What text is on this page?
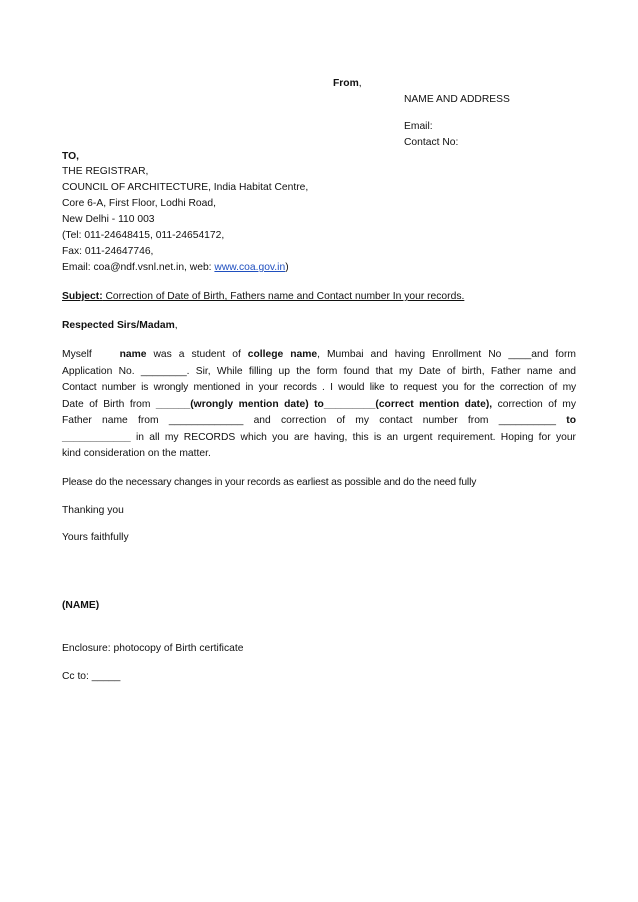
From,
NAME AND ADDRESS
Email:
Contact No:
TO,
THE REGISTRAR,
COUNCIL OF ARCHITECTURE, India Habitat Centre,
Core 6-A, First Floor, Lodhi Road,
New Delhi - 110 003
(Tel: 011-24648415, 011-24654172,
Fax: 011-24647746,
Email: coa@ndf.vsnl.net.in, web: www.coa.gov.in)
Subject: Correction of Date of Birth, Fathers name and Contact number In your records.
Respected Sirs/Madam,
Myself	name was a student of college name, Mumbai and having Enrollment No ____and form
Application No. ________. Sir, While filling up the form found that my Date of birth, Father name and
Contact number is wrongly mentioned in your records . I would like to request you for the correction of my
Date of Birth from ______(wrongly mention date) to_________(correct mention date), correction of my
Father name from _____________ and correction of my contact number from __________ to
____________ in all my RECORDS which you are having, this is an urgent requirement. Hoping for your
kind consideration on the matter.
Please do the necessary changes in your records as earliest as possible and do the need fully
Thanking you
Yours faithfully
(NAME)
Enclosure: photocopy of Birth certificate
Cc to: _____
